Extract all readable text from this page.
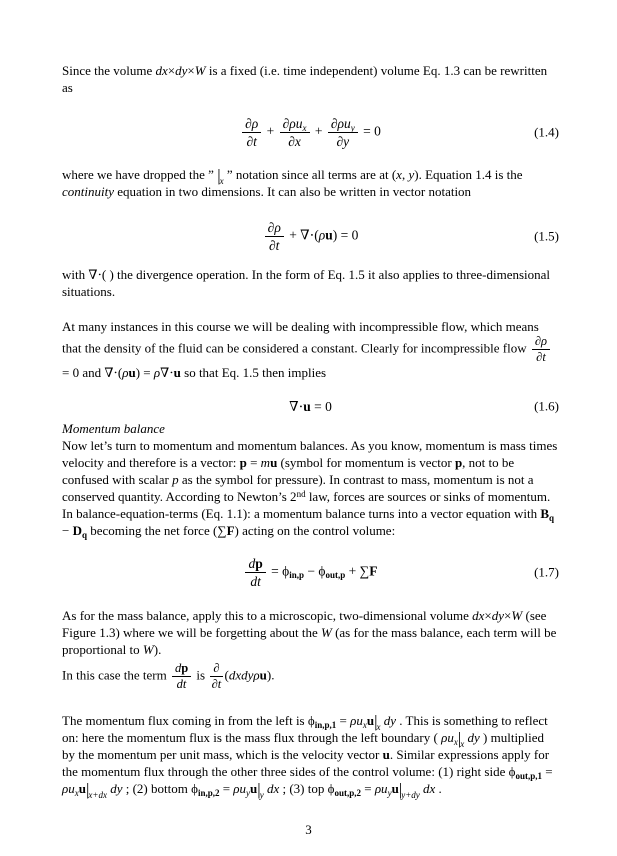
Since the volume dx×dy×W is a fixed (i.e. time independent) volume Eq. 1.3 can be rewritten as
$\frac{\partial\rho}{\partial t} + \frac{\partial\rho u_x}{\partial x} + \frac{\partial\rho u_y}{\partial y} = 0$	(1.4)
where we have dropped the ” $|_x$ ” notation since all terms are at (x, y). Equation 1.4 is the continuity equation in two dimensions. It can also be written in vector notation
$\frac{\partial\rho}{\partial t} + \nabla\cdot(\rho u) = 0$	(1.5)
with ∇⋅( ) the divergence operation. In the form of Eq. 1.5 it also applies to three-dimensional situations.
At many instances in this course we will be dealing with incompressible flow, which means that the density of the fluid can be considered a constant. Clearly for incompressible flow $\frac{\partial\rho}{\partial t}$
= 0 and ∇⋅(ρu) = ρ∇⋅u so that Eq. 1.5 then implies
∇⋅u = 0	(1.6)
Momentum balance
Now let’s turn to momentum and momentum balances. As you know, momentum is mass times velocity and therefore is a vector: p = mu (symbol for momentum is vector p, not to be confused with scalar p as the symbol for pressure). In contrast to mass, momentum is not a conserved quantity. According to Newton’s 2nd law, forces are sources or sinks of momentum. In balance-equation-terms (Eq. 1.1): a momentum balance turns into a vector equation with $B_q - D_q$ becoming the net force (∑F) acting on the control volume:
$\frac{dp}{dt} = \phi_{in,p} - \phi_{out,p} + \sum F$	(1.7)
As for the mass balance, apply this to a microscopic, two-dimensional volume dx×dy×W (see Figure 1.3) where we will be forgetting about the W (as for the mass balance, each term will be proportional to W).
In this case the term $\frac{dp}{dt}$ is $\frac{\partial}{\partial t}$ (dxdyρu).
The momentum flux coming in from the left is $\phi_{in,p,1} = \rho u_xu|_x$ dy . This is something to reflect on: here the momentum flux is the mass flux through the left boundary ( $\rho u_x|_x$ dy ) multiplied by the momentum per unit mass, which is the velocity vector u. Similar expressions apply for the momentum flux through the other three sides of the control volume: (1) right side $\phi_{out,p,1} = \rho u_xu|_{x+dx}$ dy ; (2) bottom $\phi_{in,p,2} = \rho u_yu|_y$ dx ; (3) top $\phi_{out,p,2} = \rho u_yu|_{y+dy}$ dx .
3
